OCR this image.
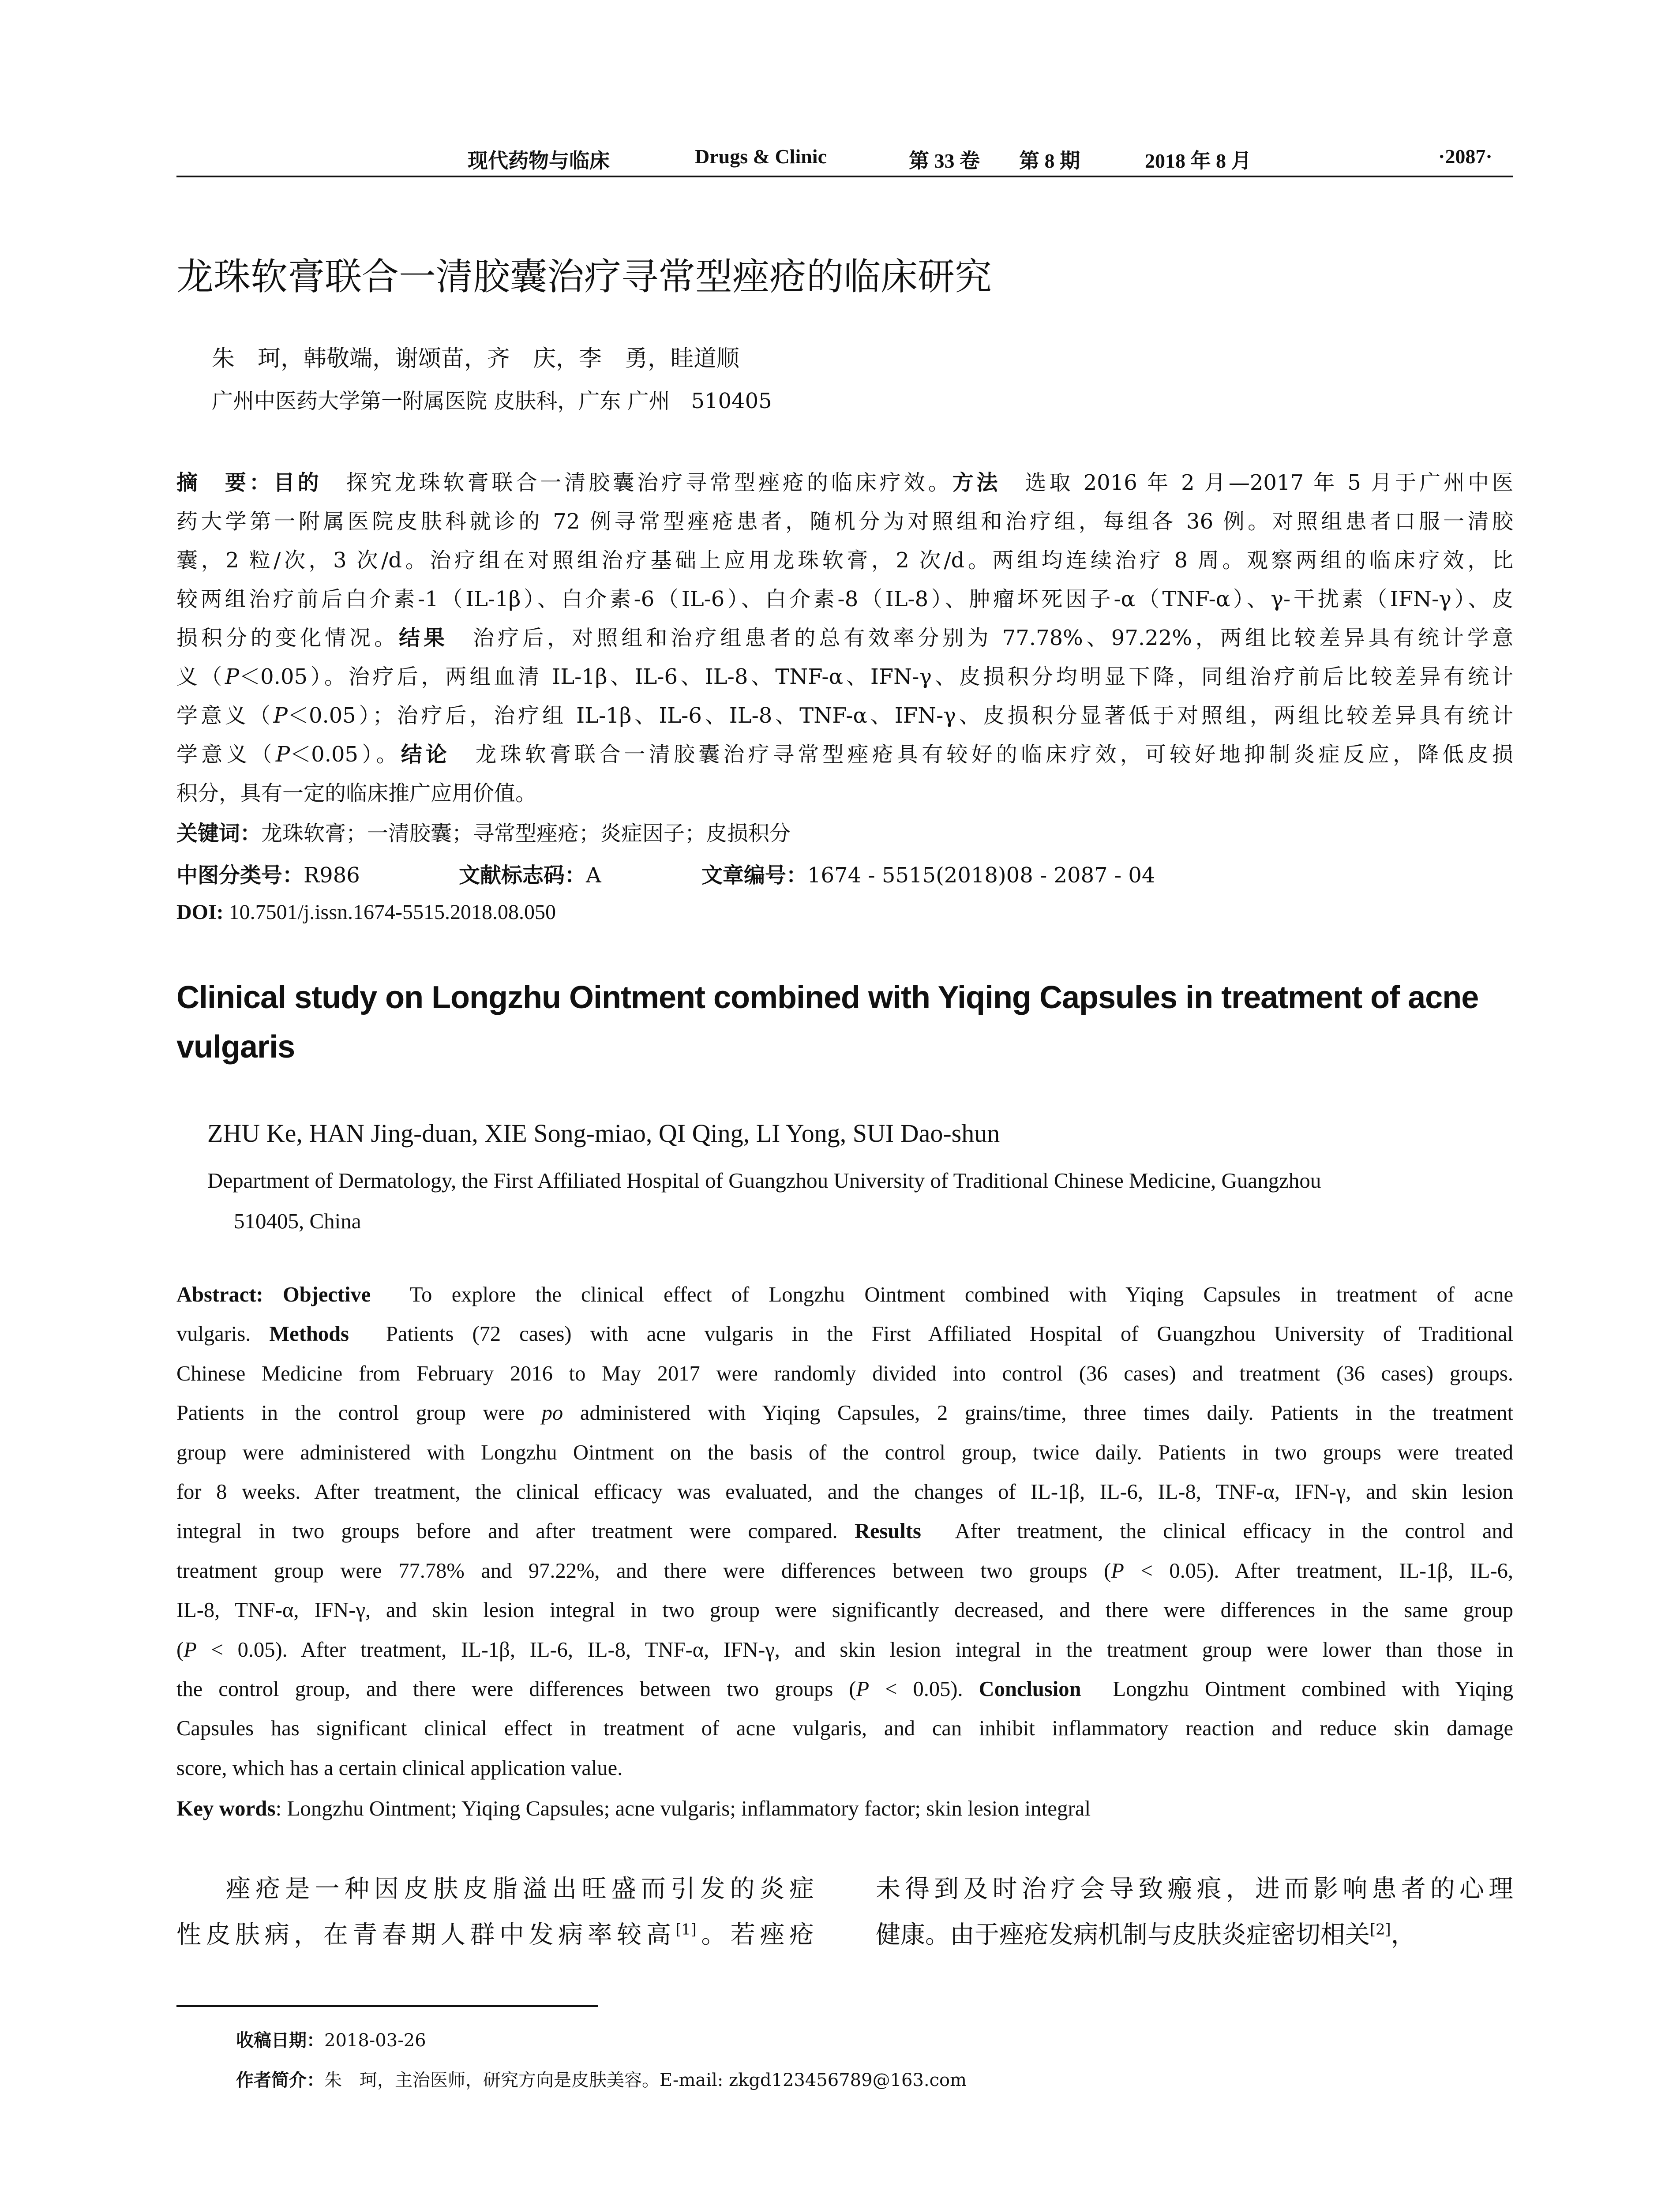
现代药物与临床	Drugs & Clinic	第 33 卷 第 8 期	2018 年 8 月	·2087·
龙珠软膏联合一清胶囊治疗寻常型痤疮的临床研究
朱　珂，韩敬端，谢颂苗，齐　庆，李　勇，眭道顺
广州中医药大学第一附属医院 皮肤科，广东 广州　510405
摘　要：目的　探究龙珠软膏联合一清胶囊治疗寻常型痤疮的临床疗效。方法　选取 2016 年 2 月—2017 年 5 月于广州中医
药大学第一附属医院皮肤科就诊的 72 例寻常型痤疮患者，随机分为对照组和治疗组，每组各 36 例。对照组患者口服一清胶
囊，2 粒/次，3 次/d。治疗组在对照组治疗基础上应用龙珠软膏，2 次/d。两组均连续治疗 8 周。观察两组的临床疗效，比
较两组治疗前后白介素-1（IL-1β）、白介素-6（IL-6）、白介素-8（IL-8）、肿瘤坏死因子-α（TNF-α）、γ-干扰素（IFN-γ）、皮
损积分的变化情况。结果　治疗后，对照组和治疗组患者的总有效率分别为 77.78%、97.22%，两组比较差异具有统计学意
义（P＜0.05）。治疗后，两组血清 IL-1β、IL-6、IL-8、TNF-α、IFN-γ、皮损积分均明显下降，同组治疗前后比较差异有统计
学意义（P＜0.05）；治疗后，治疗组 IL-1β、IL-6、IL-8、TNF-α、IFN-γ、皮损积分显著低于对照组，两组比较差异具有统计
学意义（P＜0.05）。结论　龙珠软膏联合一清胶囊治疗寻常型痤疮具有较好的临床疗效，可较好地抑制炎症反应，降低皮损
积分，具有一定的临床推广应用价值。
关键词：龙珠软膏；一清胶囊；寻常型痤疮；炎症因子；皮损积分
中图分类号：R986	文献标志码：A	文章编号：1674 - 5515(2018)08 - 2087 - 04
DOI: 10.7501/j.issn.1674-5515.2018.08.050
Clinical study on Longzhu Ointment combined with Yiqing Capsules in treatment of acne vulgaris
ZHU Ke, HAN Jing-duan, XIE Song-miao, QI Qing, LI Yong, SUI Dao-shun
Department of Dermatology, the First Affiliated Hospital of Guangzhou University of Traditional Chinese Medicine, Guangzhou
510405, China
Abstract: Objective To explore the clinical effect of Longzhu Ointment combined with Yiqing Capsules in treatment of acne
vulgaris. Methods Patients (72 cases) with acne vulgaris in the First Affiliated Hospital of Guangzhou University of Traditional
Chinese Medicine from February 2016 to May 2017 were randomly divided into control (36 cases) and treatment (36 cases) groups.
Patients in the control group were po administered with Yiqing Capsules, 2 grains/time, three times daily. Patients in the treatment
group were administered with Longzhu Ointment on the basis of the control group, twice daily. Patients in two groups were treated
for 8 weeks. After treatment, the clinical efficacy was evaluated, and the changes of IL-1β, IL-6, IL-8, TNF-α, IFN-γ, and skin lesion
integral in two groups before and after treatment were compared. Results After treatment, the clinical efficacy in the control and
treatment group were 77.78% and 97.22%, and there were differences between two groups (P < 0.05). After treatment, IL-1β, IL-6,
IL-8, TNF-α, IFN-γ, and skin lesion integral in two group were significantly decreased, and there were differences in the same group
(P < 0.05). After treatment, IL-1β, IL-6, IL-8, TNF-α, IFN-γ, and skin lesion integral in the treatment group were lower than those in
the control group, and there were differences between two groups (P < 0.05). Conclusion Longzhu Ointment combined with Yiqing
Capsules has significant clinical effect in treatment of acne vulgaris, and can inhibit inflammatory reaction and reduce skin damage
score, which has a certain clinical application value.
Key words: Longzhu Ointment; Yiqing Capsules; acne vulgaris; inflammatory factor; skin lesion integral
痤疮是一种因皮肤皮脂溢出旺盛而引发的炎症
性皮肤病，在青春期人群中发病率较高[1]。若痤疮
未得到及时治疗会导致瘢痕，进而影响患者的心理
健康。由于痤疮发病机制与皮肤炎症密切相关[2]，
收稿日期：2018-03-26
作者简介：朱　珂，主治医师，研究方向是皮肤美容。E-mail: zkgd123456789@163.com
